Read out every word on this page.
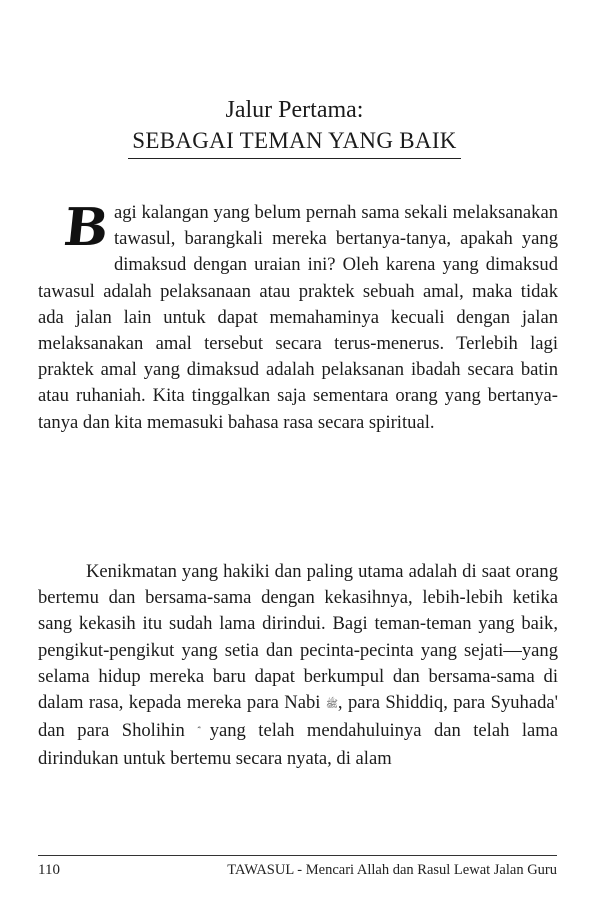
Jalur Pertama:
SEBAGAI TEMAN YANG BAIK

Bagi kalangan yang belum pernah sama sekali melaksanakan tawasul, barangkali mereka bertanya-tanya, apakah yang dimaksud dengan uraian ini? Oleh karena yang dimaksud tawasul adalah pelaksanaan atau praktek sebuah amal, maka tidak ada jalan lain untuk dapat memahaminya kecuali dengan jalan melaksanakan amal tersebut secara terus-menerus. Terlebih lagi praktek amal yang dimaksud adalah pelaksanan ibadah secara batin atau ruhaniah. Kita tinggalkan saja sementara orang yang bertanya-tanya dan kita memasuki bahasa rasa secara spiritual.

Kenikmatan yang hakiki dan paling utama adalah di saat orang bertemu dan bersama-sama dengan kekasihnya, lebih-lebih ketika sang kekasih itu sudah lama dirindui. Bagi teman-teman yang baik, pengikut-pengikut yang setia dan pecinta-pecinta yang sejati—yang selama hidup mereka baru dapat berkumpul dan bersama-sama di dalam rasa, kepada mereka para Nabi ﷺ, para Shiddiq, para Syuhada' dan para Sholihin yang telah mendahuluinya dan telah lama dirindukan untuk bertemu secara nyata, di alam

110	TAWASUL - Mencari Allah dan Rasul Lewat Jalan Guru
